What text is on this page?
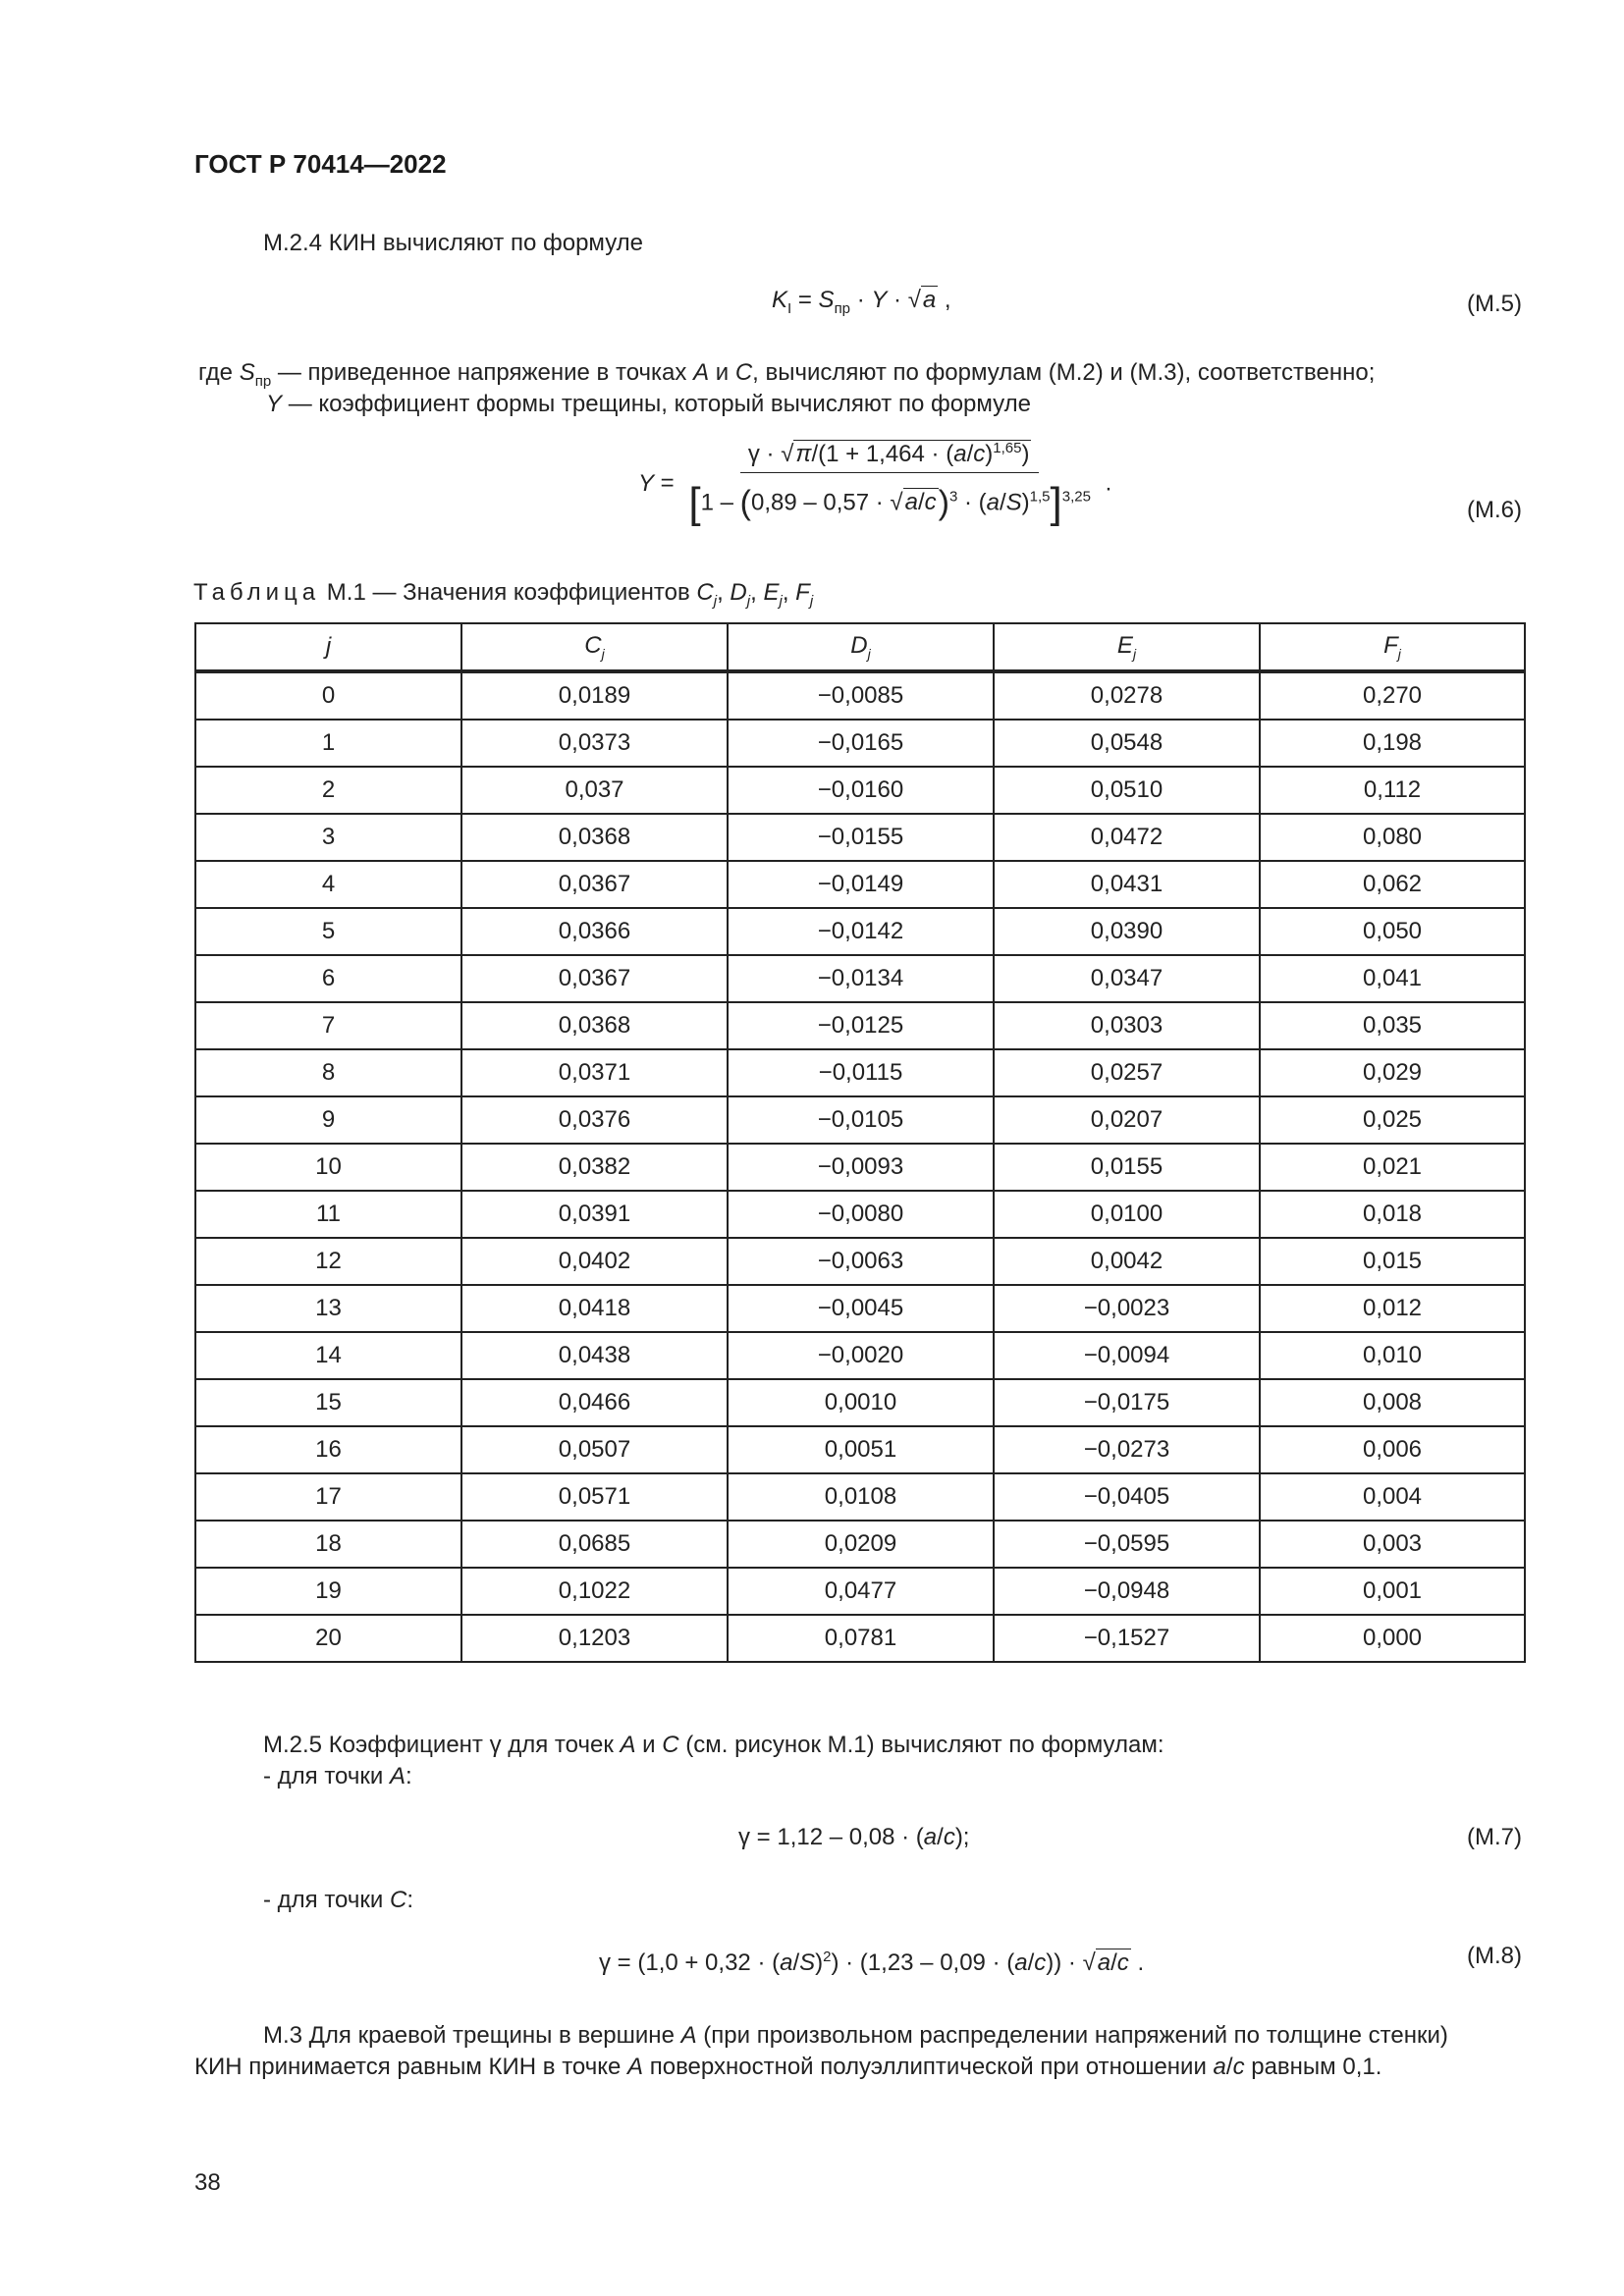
ГОСТ Р 70414—2022
М.2.4 КИН вычисляют по формуле
$K_I = S_{пр} \cdot Y \cdot √a$ ,	(М.5)
где $S_{пр}$ — приведенное напряжение в точках A и C, вычисляют по формулам (М.2) и (М.3), соответственно;
Y — коэффициент формы трещины, который вычисляют по формуле
$Y = \frac{\gamma \cdot √\pi/(1 + 1,464 \cdot (a/c)^{1,65})}{[1 - (0,89 - 0,57 \cdot √a/c)^3 \cdot (a/S)^{1,5}]^{3,25}}$ .
(М.6)
Таблица М.1 — Значения коэффициентов $C_j$, $D_j$, $E_j$, $F_j$
j	$C_j$	$D_j$	$E_j$	$F_j$
0	0,0189	−0,0085	0,0278	0,270
1	0,0373	−0,0165	0,0548	0,198
2	0,037	−0,0160	0,0510	0,112
3	0,0368	−0,0155	0,0472	0,080
4	0,0367	−0,0149	0,0431	0,062
5	0,0366	−0,0142	0,0390	0,050
6	0,0367	−0,0134	0,0347	0,041
7	0,0368	−0,0125	0,0303	0,035
8	0,0371	−0,0115	0,0257	0,029
9	0,0376	−0,0105	0,0207	0,025
10	0,0382	−0,0093	0,0155	0,021
11	0,0391	−0,0080	0,0100	0,018
12	0,0402	−0,0063	0,0042	0,015
13	0,0418	−0,0045	−0,0023	0,012
14	0,0438	−0,0020	−0,0094	0,010
15	0,0466	0,0010	−0,0175	0,008
16	0,0507	0,0051	−0,0273	0,006
17	0,0571	0,0108	−0,0405	0,004
18	0,0685	0,0209	−0,0595	0,003
19	0,1022	0,0477	−0,0948	0,001
20	0,1203	0,0781	−0,1527	0,000
М.2.5 Коэффициент γ для точек A и C (см. рисунок М.1) вычисляют по формулам:
- для точки A:
γ = 1,12 – 0,08 · (a/c);	(М.7)
- для точки C:
$\gamma = (1,0 + 0,32 \cdot (a/S)^2) \cdot (1,23 - 0,09 \cdot (a/c)) \cdot √a/c$ .	(М.8)
М.3 Для краевой трещины в вершине A (при произвольном распределении напряжений по толщине стенки)
КИН принимается равным КИН в точке A поверхностной полуэллиптической при отношении a/c равным 0,1.
38
